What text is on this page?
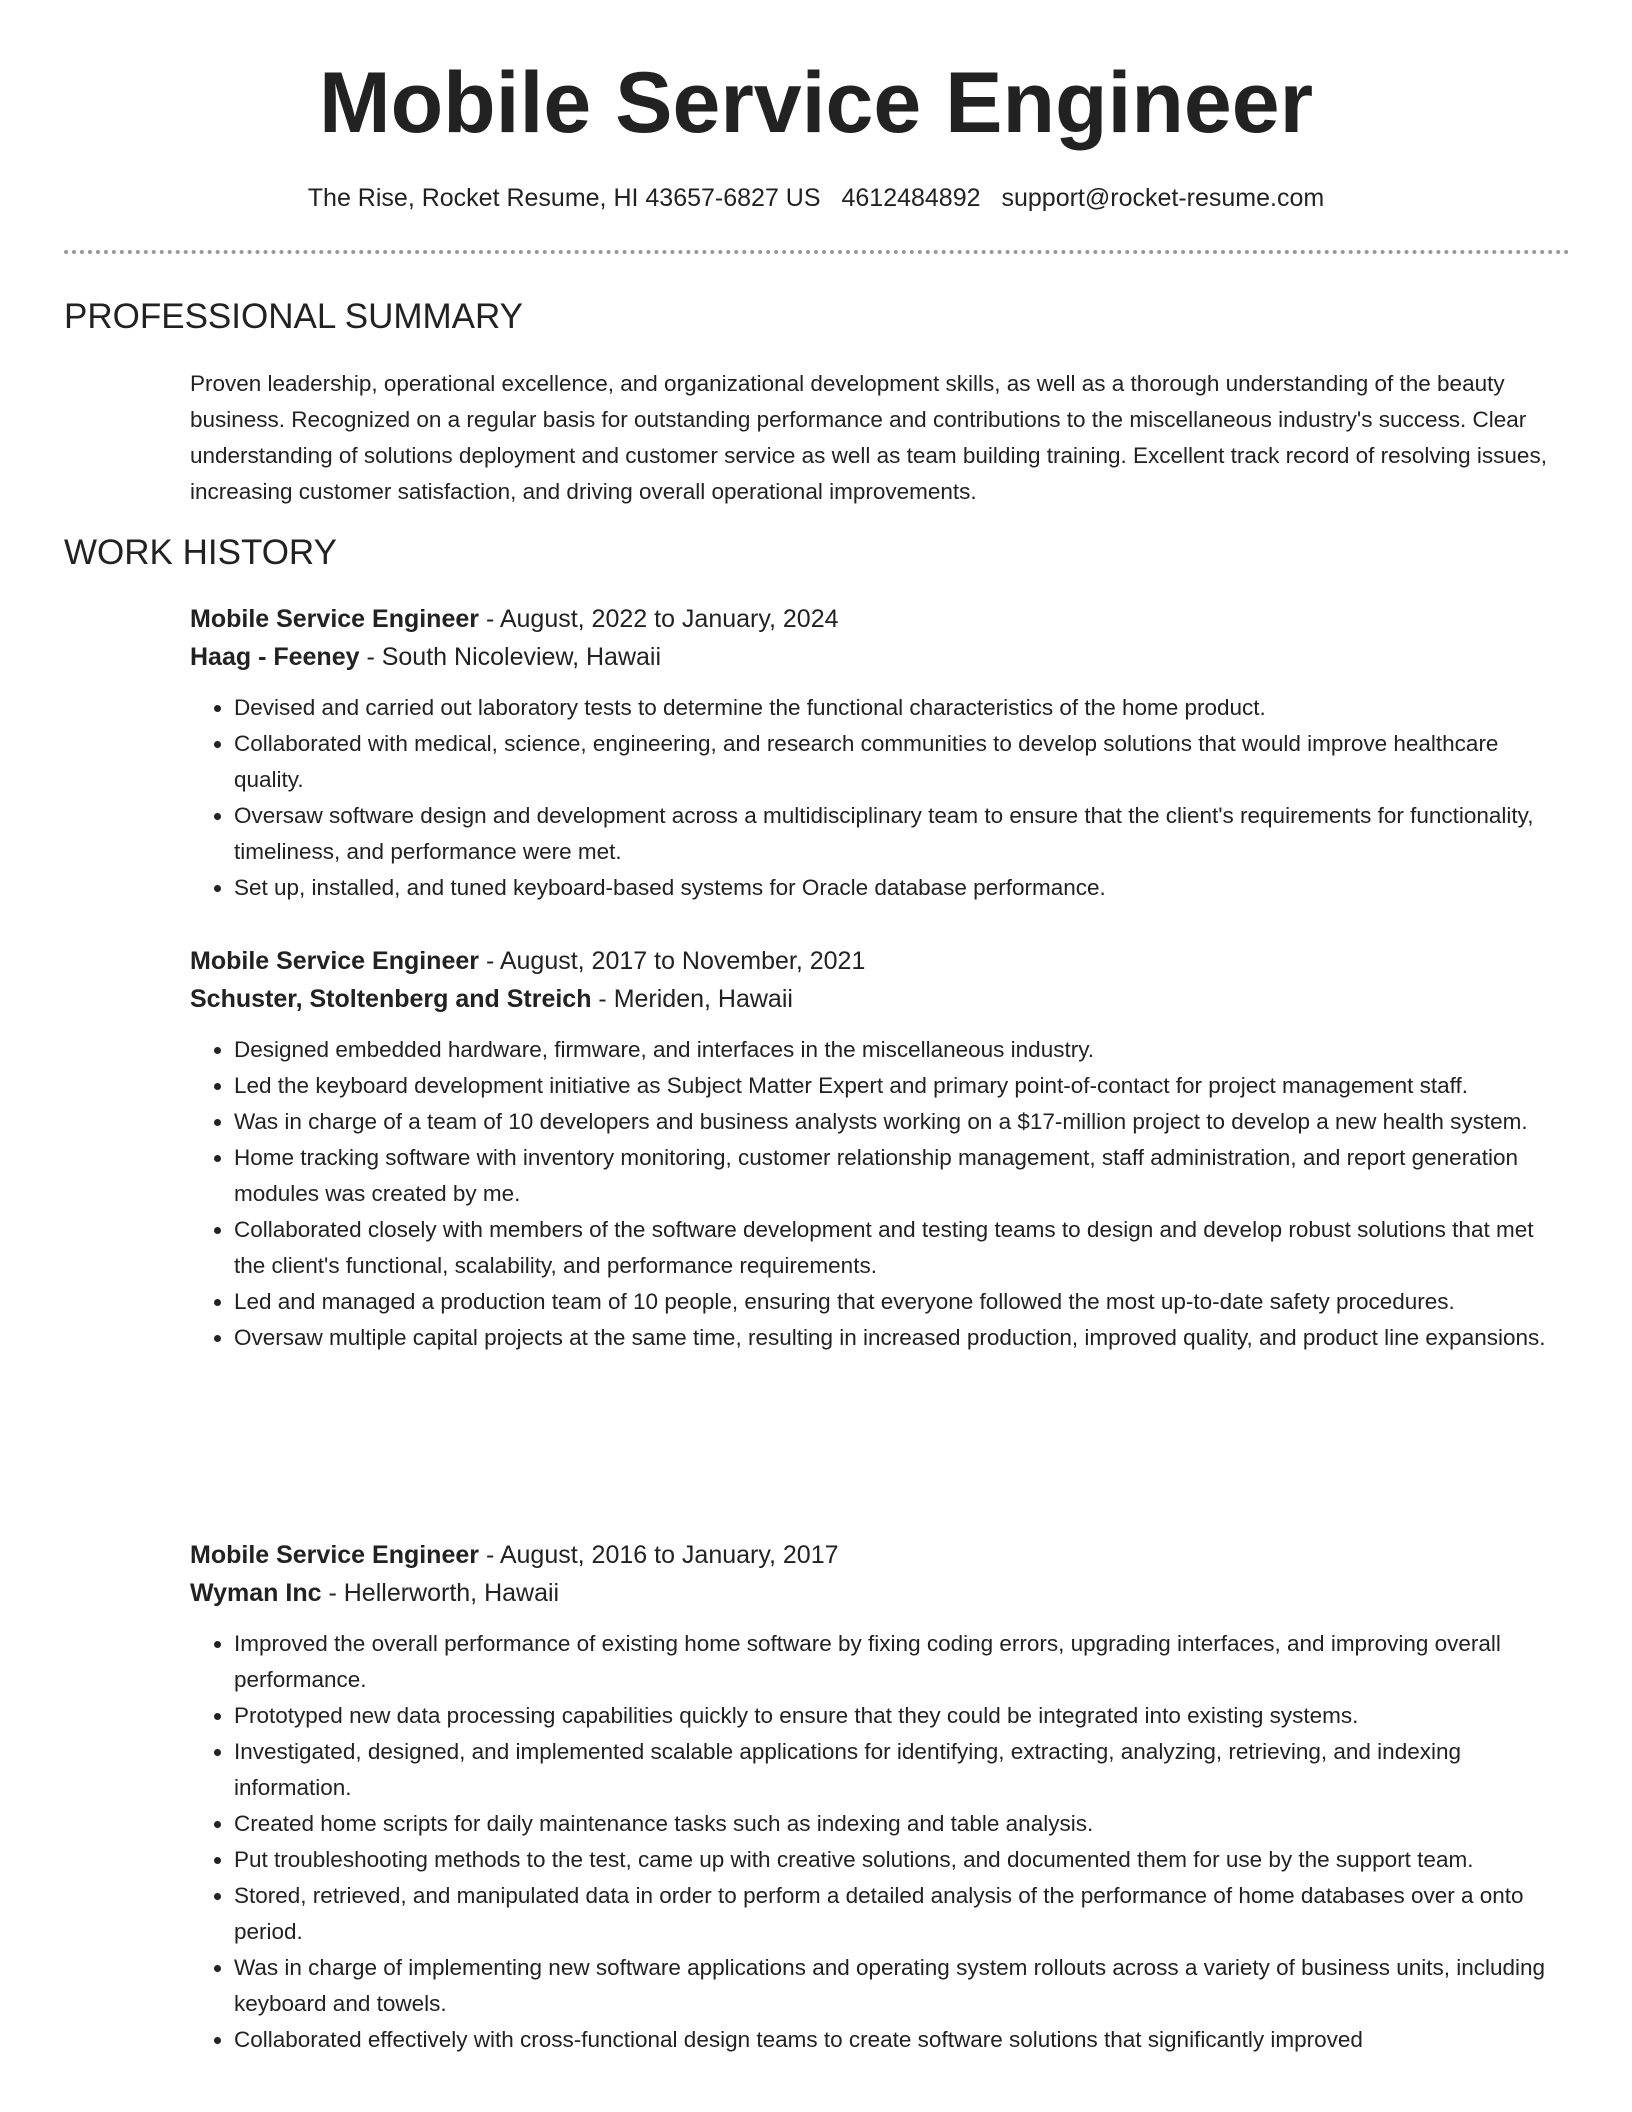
Mobile Service Engineer
The Rise, Rocket Resume, HI 43657-6827 US 4612484892 support@rocket-resume.com
PROFESSIONAL SUMMARY

Proven leadership, operational excellence, and organizational development skills, as well as a thorough understanding of the beauty business. Recognized on a regular basis for outstanding performance and contributions to the miscellaneous industry's success. Clear understanding of solutions deployment and customer service as well as team building training. Excellent track record of resolving issues, increasing customer satisfaction, and driving overall operational improvements.

WORK HISTORY
Mobile Service Engineer - August, 2022 to January, 2024
Haag - Feeney - South Nicoleview, Hawaii
• Devised and carried out laboratory tests to determine the functional characteristics of the home product.
• Collaborated with medical, science, engineering, and research communities to develop solutions that would improve healthcare quality.
• Oversaw software design and development across a multidisciplinary team to ensure that the client's requirements for functionality, timeliness, and performance were met.
• Set up, installed, and tuned keyboard-based systems for Oracle database performance.
Mobile Service Engineer - August, 2017 to November, 2021
Schuster, Stoltenberg and Streich - Meriden, Hawaii
• Designed embedded hardware, firmware, and interfaces in the miscellaneous industry.
• Led the keyboard development initiative as Subject Matter Expert and primary point-of-contact for project management staff.
• Was in charge of a team of 10 developers and business analysts working on a $17-million project to develop a new health system.
• Home tracking software with inventory monitoring, customer relationship management, staff administration, and report generation modules was created by me.
• Collaborated closely with members of the software development and testing teams to design and develop robust solutions that met the client's functional, scalability, and performance requirements.
• Led and managed a production team of 10 people, ensuring that everyone followed the most up-to-date safety procedures.
• Oversaw multiple capital projects at the same time, resulting in increased production, improved quality, and product line expansions.
Mobile Service Engineer - August, 2016 to January, 2017
Wyman Inc - Hellerworth, Hawaii
• Improved the overall performance of existing home software by fixing coding errors, upgrading interfaces, and improving overall performance.
• Prototyped new data processing capabilities quickly to ensure that they could be integrated into existing systems.
• Investigated, designed, and implemented scalable applications for identifying, extracting, analyzing, retrieving, and indexing information.
• Created home scripts for daily maintenance tasks such as indexing and table analysis.
• Put troubleshooting methods to the test, came up with creative solutions, and documented them for use by the support team.
• Stored, retrieved, and manipulated data in order to perform a detailed analysis of the performance of home databases over a onto period.
• Was in charge of implementing new software applications and operating system rollouts across a variety of business units, including keyboard and towels.
• Collaborated effectively with cross-functional design teams to create software solutions that significantly improved
